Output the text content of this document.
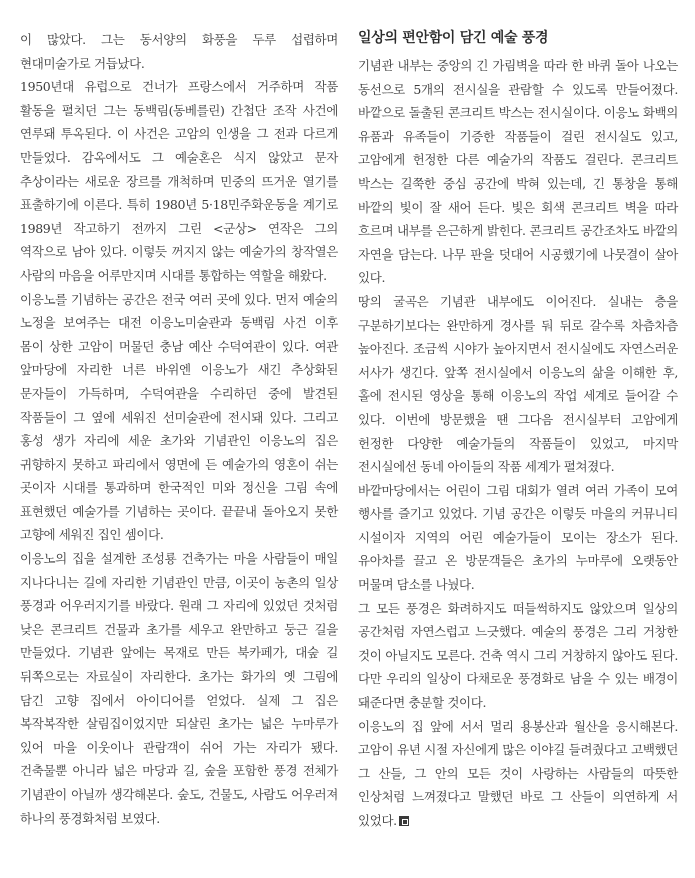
이 많았다. 그는 동서양의 화풍을 두루 섭렵하며 현대미술가로 거듭났다.

1950년대 유럽으로 건너가 프랑스에서 거주하며 작품 활동을 펼치던 그는 동백림(동베를린) 간첩단 조작 사건에 연루돼 투옥된다. 이 사건은 고암의 인생을 그 전과 다르게 만들었다. 감옥에서도 그 예술혼은 식지 않았고 문자 추상이라는 새로운 장르를 개척하며 민중의 뜨거운 열기를 표출하기에 이른다. 특히 1980년 5·18민주화운동을 계기로 1989년 작고하기 전까지 그린 <군상> 연작은 그의 역작으로 남아 있다. 이렇듯 꺼지지 않는 예술가의 창작열은 사람의 마음을 어루만지며 시대를 통합하는 역할을 해왔다.

이응노를 기념하는 공간은 전국 여러 곳에 있다. 먼저 예술의 노정을 보여주는 대전 이응노미술관과 동백림 사건 이후 몸이 상한 고암이 머물던 충남 예산 수덕여관이 있다. 여관 앞마당에 자리한 너른 바위엔 이응노가 새긴 추상화된 문자들이 가득하며, 수덕여관을 수리하던 중에 발견된 작품들이 그 옆에 세워진 선미술관에 전시돼 있다. 그리고 홍성 생가 자리에 세운 초가와 기념관인 이응노의 집은 귀향하지 못하고 파리에서 영면에 든 예술가의 영혼이 쉬는 곳이자 시대를 통과하며 한국적인 미와 정신을 그림 속에 표현했던 예술가를 기념하는 곳이다. 끝끝내 돌아오지 못한 고향에 세워진 집인 셈이다.

이응노의 집을 설계한 조성룡 건축가는 마을 사람들이 매일 지나다니는 길에 자리한 기념관인 만큼, 이곳이 농촌의 일상 풍경과 어우러지기를 바랐다. 원래 그 자리에 있었던 것처럼 낮은 콘크리트 건물과 초가를 세우고 완만하고 둥근 길을 만들었다. 기념관 앞에는 목재로 만든 북카페가, 대숲 길 뒤쪽으로는 자료실이 자리한다. 초가는 화가의 옛 그림에 담긴 고향 집에서 아이디어를 얻었다. 실제 그 집은 복작복작한 살림집이었지만 되살린 초가는 넓은 누마루가 있어 마을 이웃이나 관람객이 쉬어 가는 자리가 됐다. 건축물뿐 아니라 넓은 마당과 길, 숲을 포함한 풍경 전체가 기념관이 아닐까 생각해본다. 숲도, 건물도, 사람도 어우러져 하나의 풍경화처럼 보였다.

일상의 편안함이 담긴 예술 풍경

기념관 내부는 중앙의 긴 가림벽을 따라 한 바퀴 돌아 나오는 동선으로 5개의 전시실을 관람할 수 있도록 만들어졌다. 바깥으로 돌출된 콘크리트 박스는 전시실이다. 이응노 화백의 유품과 유족들이 기증한 작품들이 걸린 전시실도 있고, 고암에게 헌정한 다른 예술가의 작품도 걸린다. 콘크리트 박스는 길쭉한 중심 공간에 박혀 있는데, 긴 통창을 통해 바깥의 빛이 잘 새어 든다. 빛은 회색 콘크리트 벽을 따라 흐르며 내부를 은근하게 밝힌다. 콘크리트 공간조차도 바깥의 자연을 담는다. 나무 판을 덧대어 시공했기에 나뭇결이 살아 있다.

땅의 굴곡은 기념관 내부에도 이어진다. 실내는 층을 구분하기보다는 완만하게 경사를 둬 뒤로 갈수록 차츰차츰 높아진다. 조금씩 시야가 높아지면서 전시실에도 자연스러운 서사가 생긴다. 앞쪽 전시실에서 이응노의 삶을 이해한 후, 홀에 전시된 영상을 통해 이응노의 작업 세계로 들어갈 수 있다. 이번에 방문했을 땐 그다음 전시실부터 고암에게 헌정한 다양한 예술가들의 작품들이 있었고, 마지막 전시실에선 동네 아이들의 작품 세계가 펼쳐졌다.

바깥마당에서는 어린이 그림 대회가 열려 여러 가족이 모여 행사를 즐기고 있었다. 기념 공간은 이렇듯 마을의 커뮤니티 시설이자 지역의 어린 예술가들이 모이는 장소가 된다. 유아차를 끌고 온 방문객들은 초가의 누마루에 오랫동안 머물며 담소를 나눴다.

그 모든 풍경은 화려하지도 떠들썩하지도 않았으며 일상의 공간처럼 자연스럽고 느긋했다. 예술의 풍경은 그리 거창한 것이 아닐지도 모른다. 건축 역시 그리 거창하지 않아도 된다. 다만 우리의 일상이 다채로운 풍경화로 남을 수 있는 배경이 돼준다면 충분할 것이다.

이응노의 집 앞에 서서 멀리 용봉산과 월산을 응시해본다. 고암이 유년 시절 자신에게 많은 이야길 들려줬다고 고백했던 그 산들, 그 안의 모든 것이 사랑하는 사람들의 따뜻한 인상처럼 느껴졌다고 말했던 바로 그 산들이 의연하게 서 있었다.
